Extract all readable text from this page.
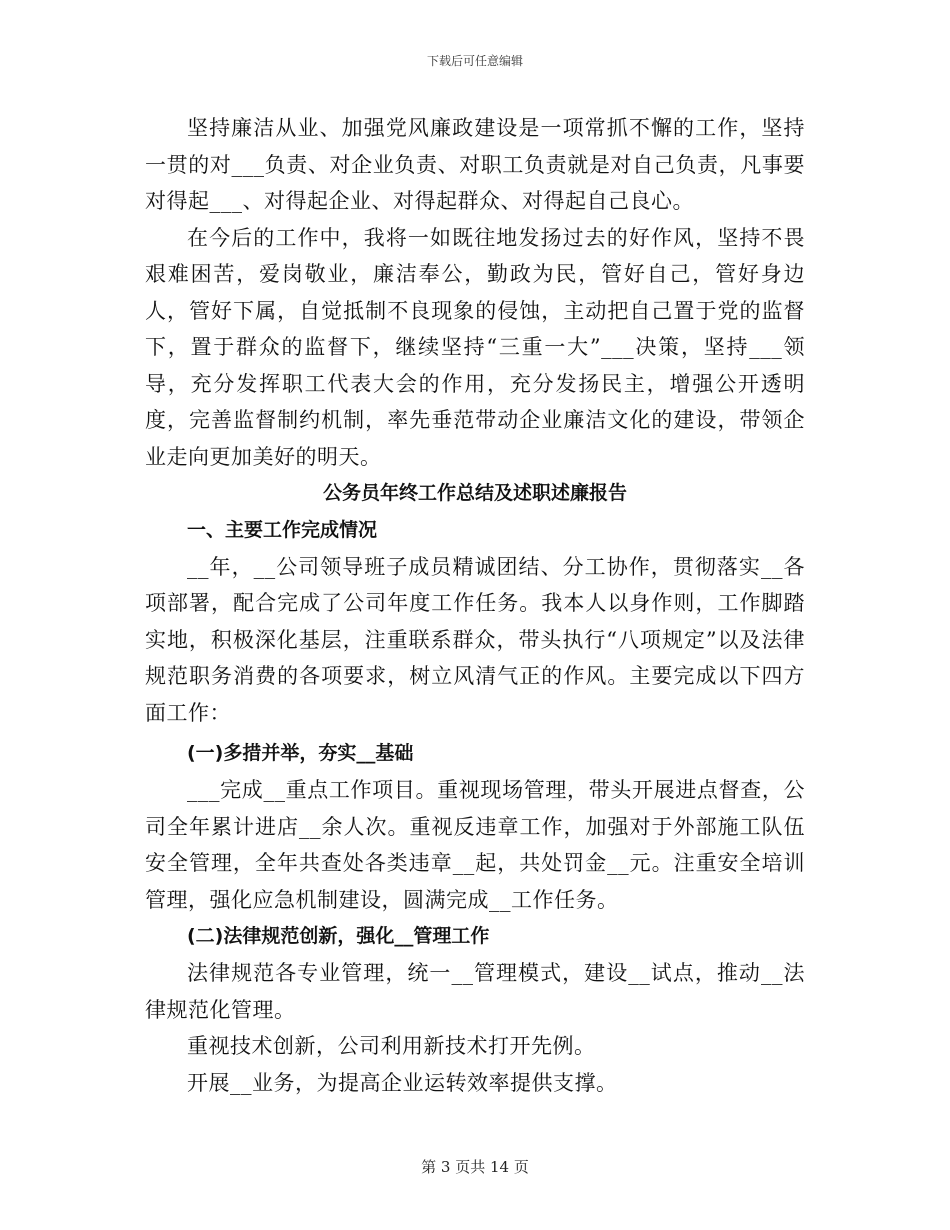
下载后可任意编辑

坚持廉洁从业、加强党风廉政建设是一项常抓不懈的工作，坚持一贯的对___负责、对企业负责、对职工负责就是对自己负责，凡事要对得起___、对得起企业、对得起群众、对得起自己良心。

在今后的工作中，我将一如既往地发扬过去的好作风，坚持不畏艰难困苦，爱岗敬业，廉洁奉公，勤政为民，管好自己，管好身边人，管好下属，自觉抵制不良现象的侵蚀，主动把自己置于党的监督下，置于群众的监督下，继续坚持“三重一大”___决策，坚持___领导，充分发挥职工代表大会的作用，充分发扬民主，增强公开透明度，完善监督制约机制，率先垂范带动企业廉洁文化的建设，带领企业走向更加美好的明天。

公务员年终工作总结及述职述廉报告

一、主要工作完成情况

__年，__公司领导班子成员精诚团结、分工协作，贯彻落实__各项部署，配合完成了公司年度工作任务。我本人以身作则，工作脚踏实地，积极深化基层，注重联系群众，带头执行“八项规定”以及法律规范职务消费的各项要求，树立风清气正的作风。主要完成以下四方面工作：

(一)多措并举，夯实__基础

___完成__重点工作项目。重视现场管理，带头开展进点督查，公司全年累计进店__余人次。重视反违章工作，加强对于外部施工队伍安全管理，全年共查处各类违章__起，共处罚金__元。注重安全培训管理，强化应急机制建设，圆满完成__工作任务。

(二)法律规范创新，强化__管理工作

法律规范各专业管理，统一__管理模式，建设__试点，推动__法律规范化管理。

重视技术创新，公司利用新技术打开先例。

开展__业务，为提高企业运转效率提供支撑。

第 3 页共 14 页
